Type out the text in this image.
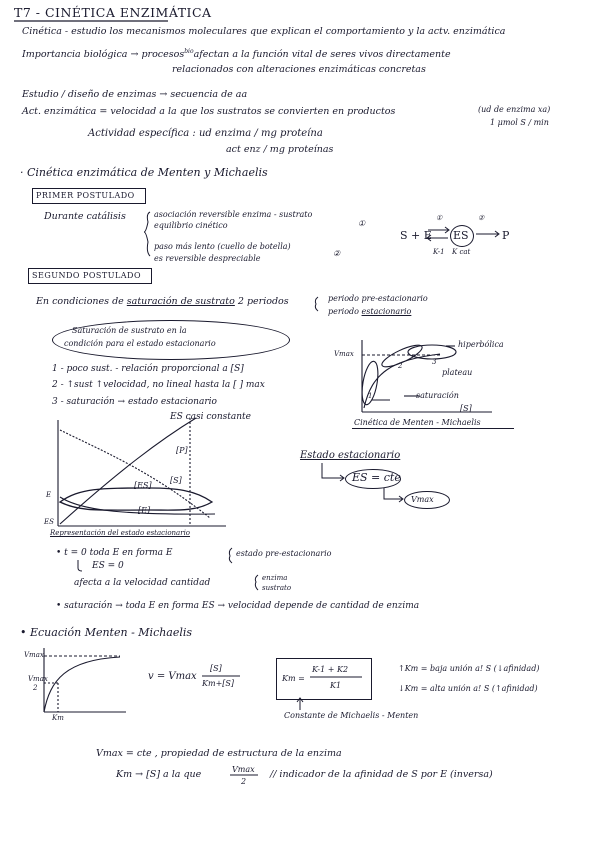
T7 - CINÉTICA ENZIMÁTICA
Cinética - estudio los mecanismos moleculares que explican el comportamiento y la actv. enzimática
Importancia biológica → procesos$^{bio}$afectan a la función vital de seres vivos directamente
relacionados con alteraciones enzimáticas concretas
Estudio / diseño de enzimas → secuencia de aa
Act. enzimática = velocidad a la que los sustratos se convierten en productos	(ud de enzima xa)
1 μmol S / min
Actividad específica : ud enzima / mg proteína
act enz / mg proteínas
· Cinética enzimática de Menten y Michaelis
PRIMER POSTULADO
Durante catálisis	asociación reversible enzima - sustrato
equilibrio cinético	①
paso más lento (cuello de botella)
es reversible despreciable
②
S + E ES	P
①	②
K-1 K cat
SEGUNDO POSTULADO
En condiciones de saturación de sustrato 2 periodos	periodo pre-estacionario
periodo estacionario
Saturación de sustrato en la
condición para el estado estacionario
1 - poco sust. - relación proporcional a [S]
2 - ↑sust ↑velocidad, no lineal hasta la [ ] max
3 - saturación → estado estacionario
ES casi constante
Vmax
hiperbólica
plateau
saturación
[S]
1
2	3
Cinética de Menten - Michaelis
[P]
[ES]
[S]
[E]
E
ES
Representación del estado estacionario
Estado estacionario
ES = cte
Vmax
• t = 0 toda E en forma E
ES = 0
estado pre-estacionario
afecta a la velocidad cantidad	enzima
sustrato
• saturación → toda E en forma ES → velocidad depende de cantidad de enzima
• Ecuación Menten - Michaelis
Vmax
Vmax
2
Km
v = Vmax
[S]
Km+[S]
Km =
K-1 + K2
K1
Constante de Michaelis - Menten
↑Km = baja unión a! S (↓afinidad)
↓Km = alta unión a! S (↑afinidad)
Vmax = cte , propiedad de estructura de la enzima
Km → [S] a la que	Vmax
2
// indicador de la afinidad de S por E (inversa)
